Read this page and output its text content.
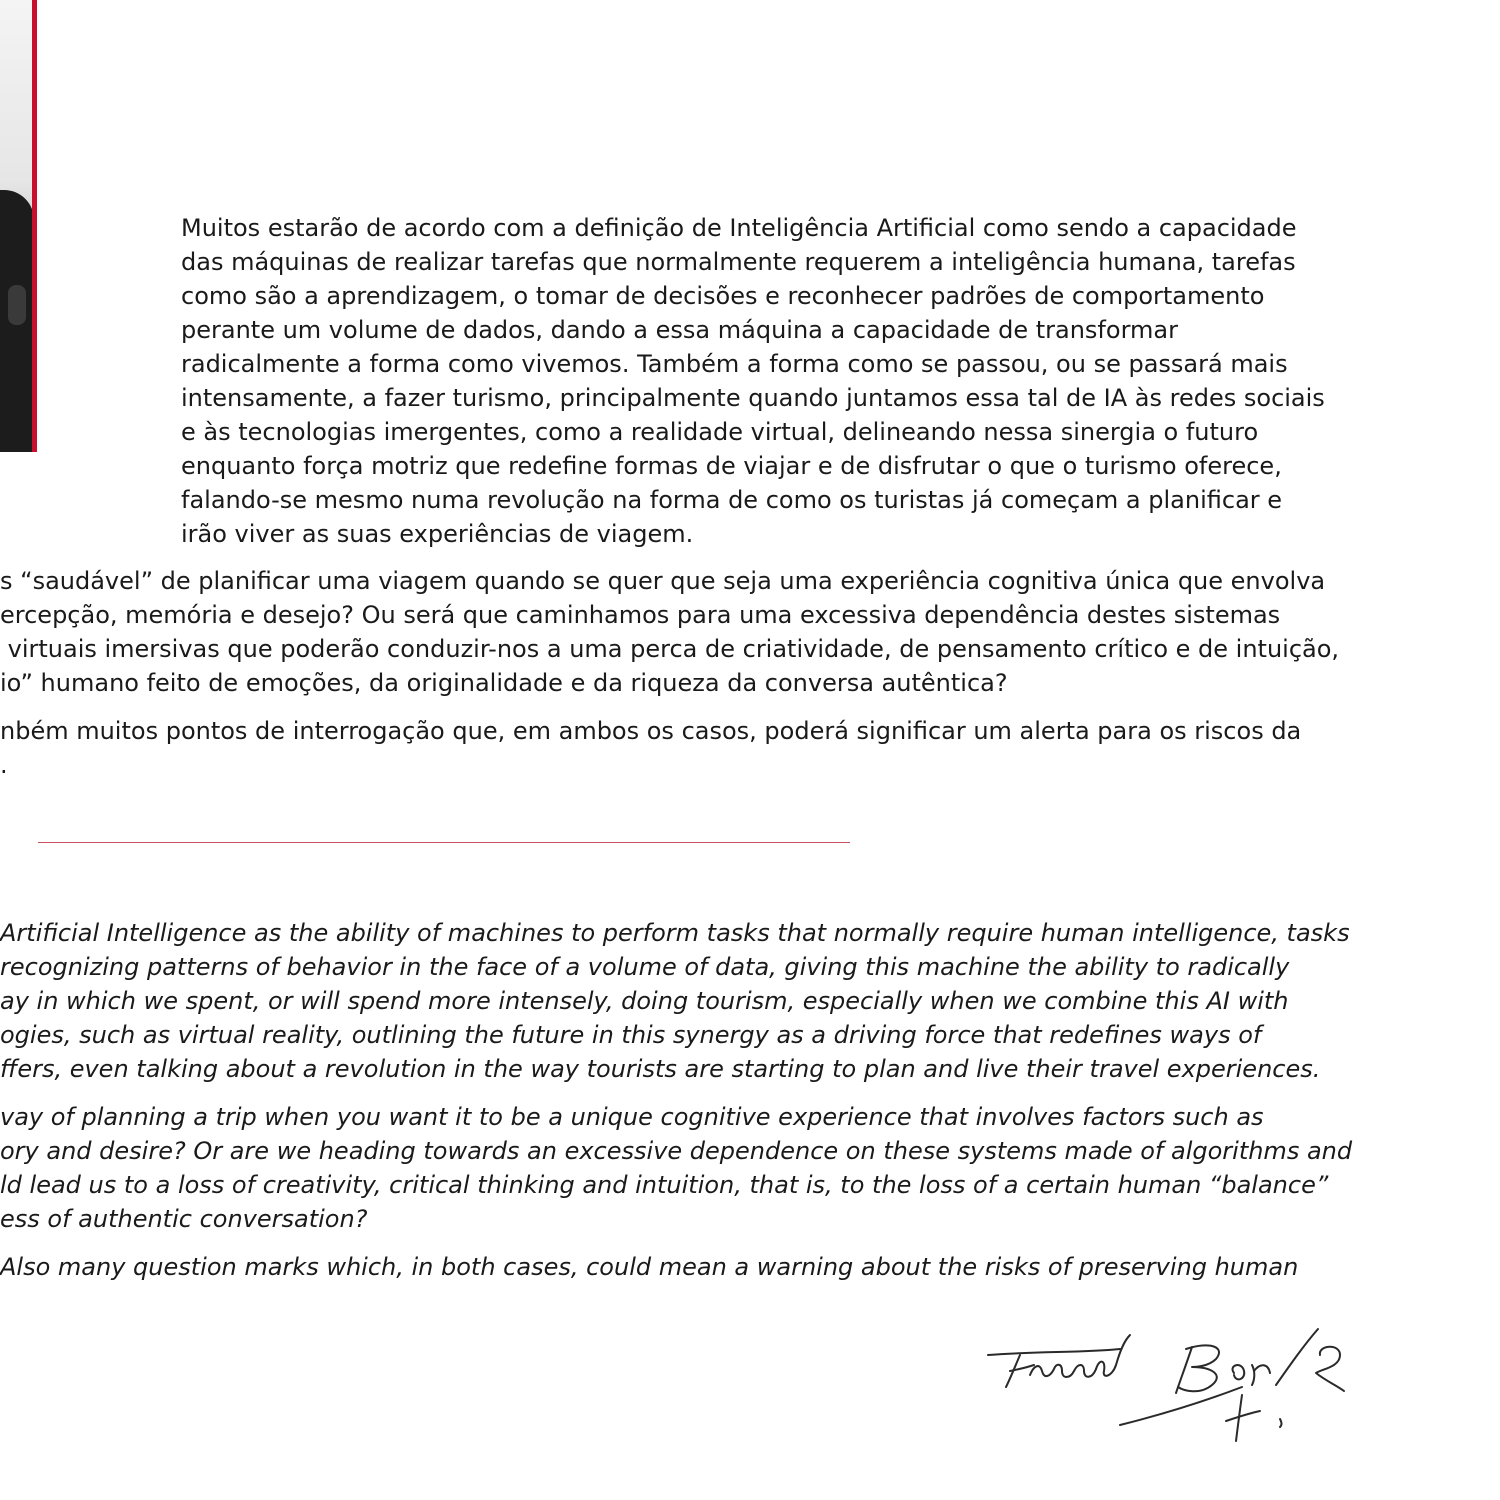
Muitos estarão de acordo com a definição de Inteligência Artificial como sendo a capacidade

das máquinas de realizar tarefas que normalmente requerem a inteligência humana, tarefas

como são a aprendizagem, o tomar de decisões e reconhecer padrões de comportamento

perante um volume de dados, dando a essa máquina a capacidade de transformar

radicalmente a forma como vivemos. Também a forma como se passou, ou se passará mais

intensamente, a fazer turismo, principalmente quando juntamos essa tal de IA às redes sociais

e às tecnologias imergentes, como a realidade virtual, delineando nessa sinergia o futuro

enquanto força motriz que redefine formas de viajar e de disfrutar o que o turismo oferece,

falando-se mesmo numa revolução na forma de como os turistas já começam a planificar e

irão viver as suas experiências de viagem.

s “saudável” de planificar uma viagem quando se quer que seja uma experiência cognitiva única que envolva

ercepção, memória e desejo? Ou será que caminhamos para uma excessiva dependência destes sistemas

virtuais imersivas que poderão conduzir-nos a uma perca de criatividade, de pensamento crítico e de intuição,

io” humano feito de emoções, da originalidade e da riqueza da conversa autêntica?

nbém muitos pontos de interrogação que, em ambos os casos, poderá significar um alerta para os riscos da

.

Artificial Intelligence as the ability of machines to perform tasks that normally require human intelligence, tasks

recognizing patterns of behavior in the face of a volume of data, giving this machine the ability to radically

ay in which we spent, or will spend more intensely, doing tourism, especially when we combine this AI with

ogies, such as virtual reality, outlining the future in this synergy as a driving force that redefines ways of

ffers, even talking about a revolution in the way tourists are starting to plan and live their travel experiences.

vay of planning a trip when you want it to be a unique cognitive experience that involves factors such as

ory and desire? Or are we heading towards an excessive dependence on these systems made of algorithms and

ld lead us to a loss of creativity, critical thinking and intuition, that is, to the loss of a certain human “balance”

ess of authentic conversation?

Also many question marks which, in both cases, could mean a warning about the risks of preserving human
